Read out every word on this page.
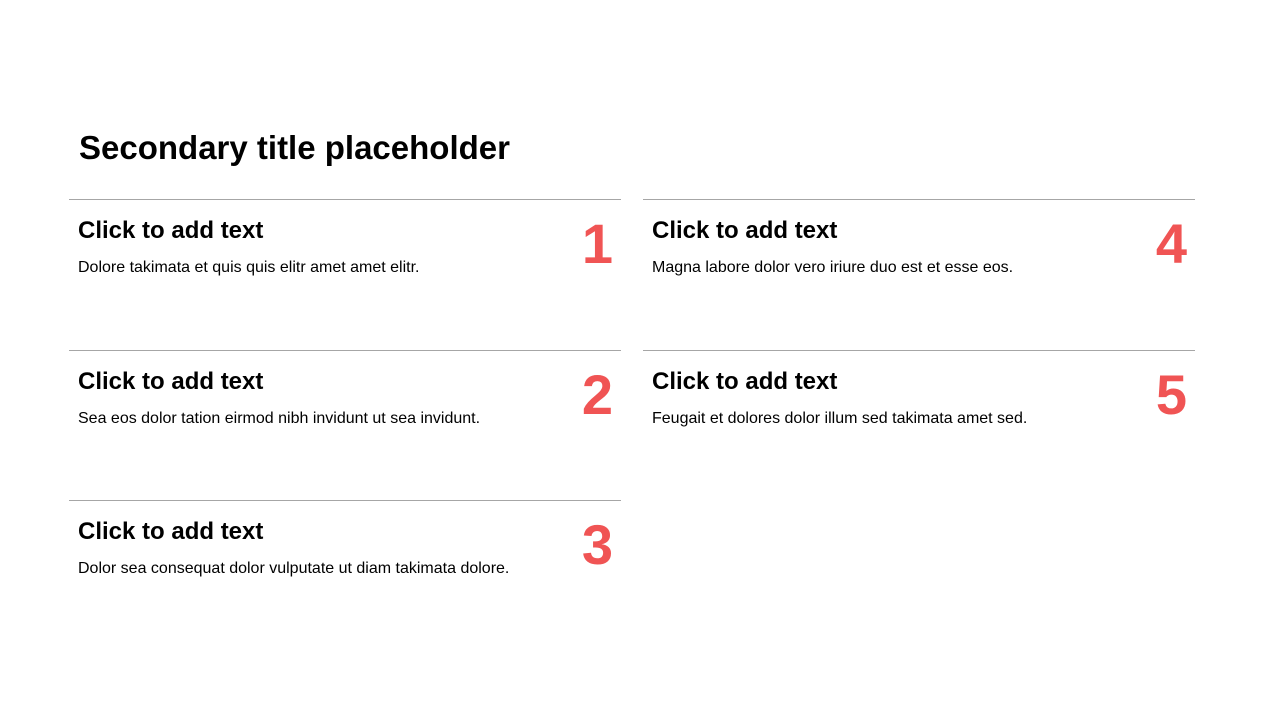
Secondary title placeholder
Click to add text
Dolore takimata et quis quis elitr amet amet elitr.	1
Click to add text
Sea eos dolor tation eirmod nibh invidunt ut sea invidunt. 2
Click to add text
Dolor sea consequat dolor vulputate ut diam takimata dolore. 3
Click to add text
Magna labore dolor vero iriure duo est et esse eos.	4
Click to add text
Feugait et dolores dolor illum sed takimata amet sed. 5
